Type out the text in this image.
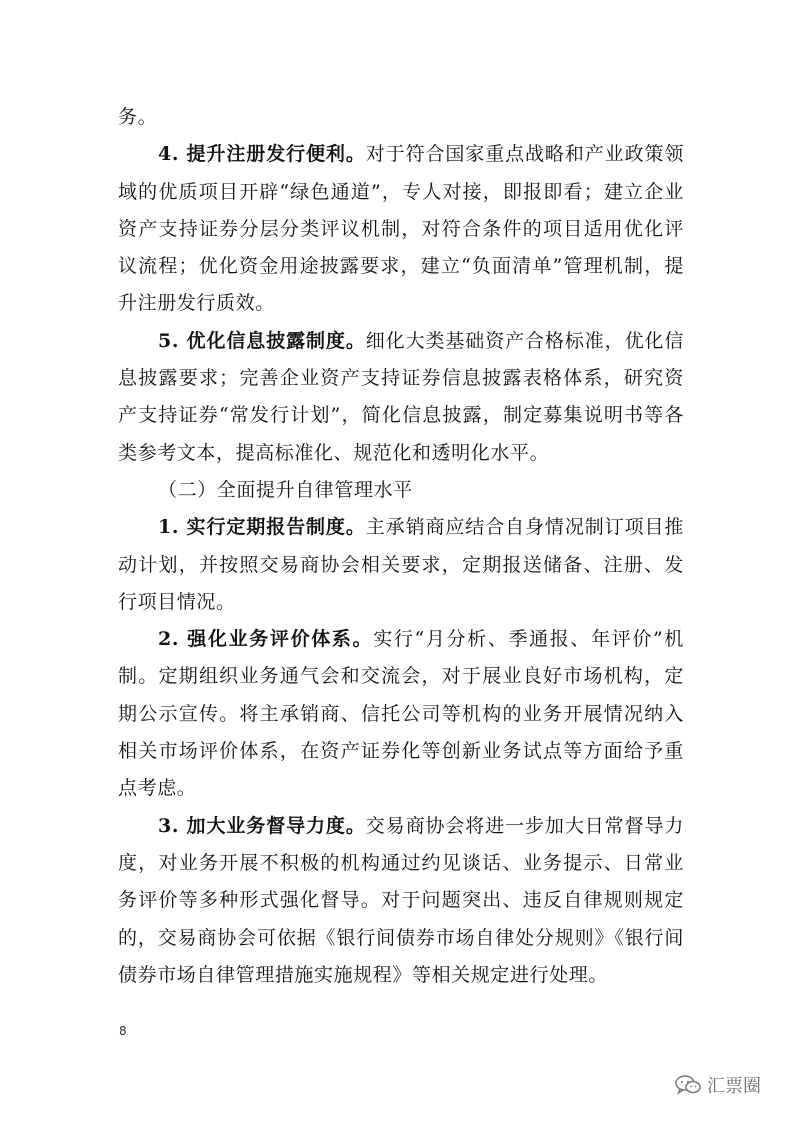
务。

4. 提升注册发行便利。对于符合国家重点战略和产业政策领域的优质项目开辟“绿色通道”，专人对接，即报即看；建立企业资产支持证券分层分类评议机制，对符合条件的项目适用优化评议流程；优化资金用途披露要求，建立“负面清单”管理机制，提升注册发行质效。

5. 优化信息披露制度。细化大类基础资产合格标准，优化信息披露要求；完善企业资产支持证券信息披露表格体系，研究资产支持证券“常发行计划”，简化信息披露，制定募集说明书等各类参考文本，提高标准化、规范化和透明化水平。

（二）全面提升自律管理水平

1. 实行定期报告制度。主承销商应结合自身情况制订项目推动计划，并按照交易商协会相关要求，定期报送储备、注册、发行项目情况。

2. 强化业务评价体系。实行“月分析、季通报、年评价”机制。定期组织业务通气会和交流会，对于展业良好市场机构，定期公示宣传。将主承销商、信托公司等机构的业务开展情况纳入相关市场评价体系，在资产证券化等创新业务试点等方面给予重点考虑。

3. 加大业务督导力度。交易商协会将进一步加大日常督导力度，对业务开展不积极的机构通过约见谈话、业务提示、日常业务评价等多种形式强化督导。对于问题突出、违反自律规则规定的，交易商协会可依据《银行间债券市场自律处分规则》《银行间债券市场自律管理措施实施规程》等相关规定进行处理。

8
汇票圈
